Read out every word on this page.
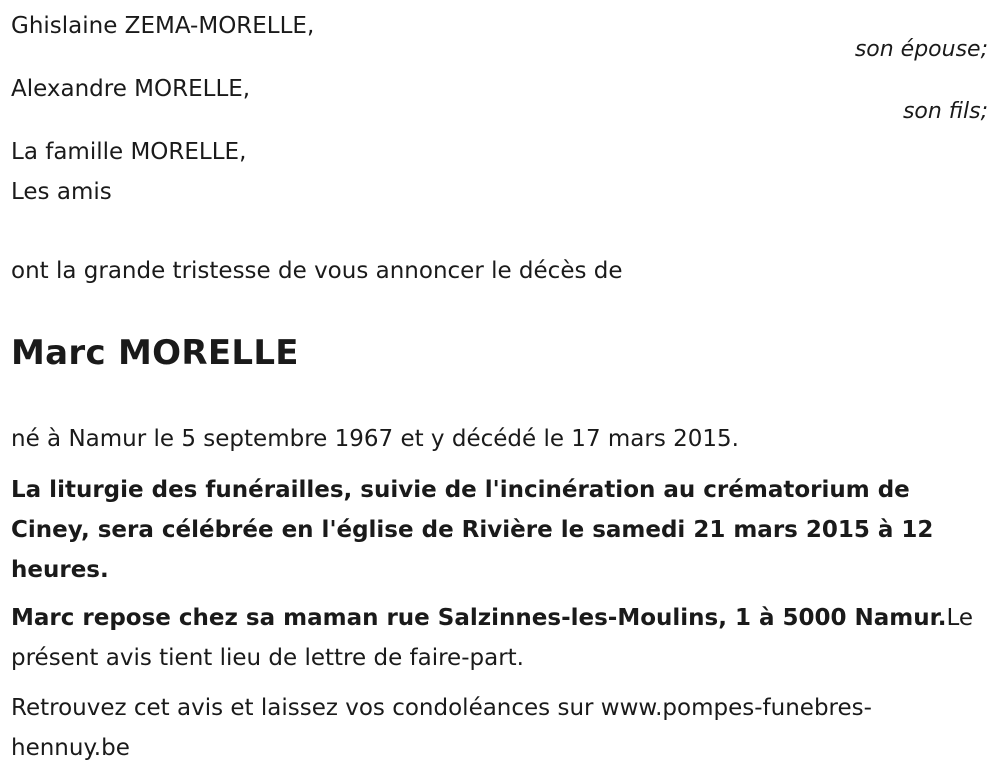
Ghislaine ZEMA-MORELLE,
son épouse;
Alexandre MORELLE,
son fils;
La famille MORELLE,
Les amis
ont la grande tristesse de vous annoncer le décès de
Marc MORELLE
né à Namur le 5 septembre 1967 et y décédé le 17 mars 2015.
La liturgie des funérailles, suivie de l'incinération au crématorium de Ciney, sera célébrée en l'église de Rivière le samedi 21 mars 2015 à 12 heures.
Marc repose chez sa maman rue Salzinnes-les-Moulins, 1 à 5000 Namur.Le présent avis tient lieu de lettre de faire-part.
Retrouvez cet avis et laissez vos condoléances sur www.pompes-funebres-hennuy.be
